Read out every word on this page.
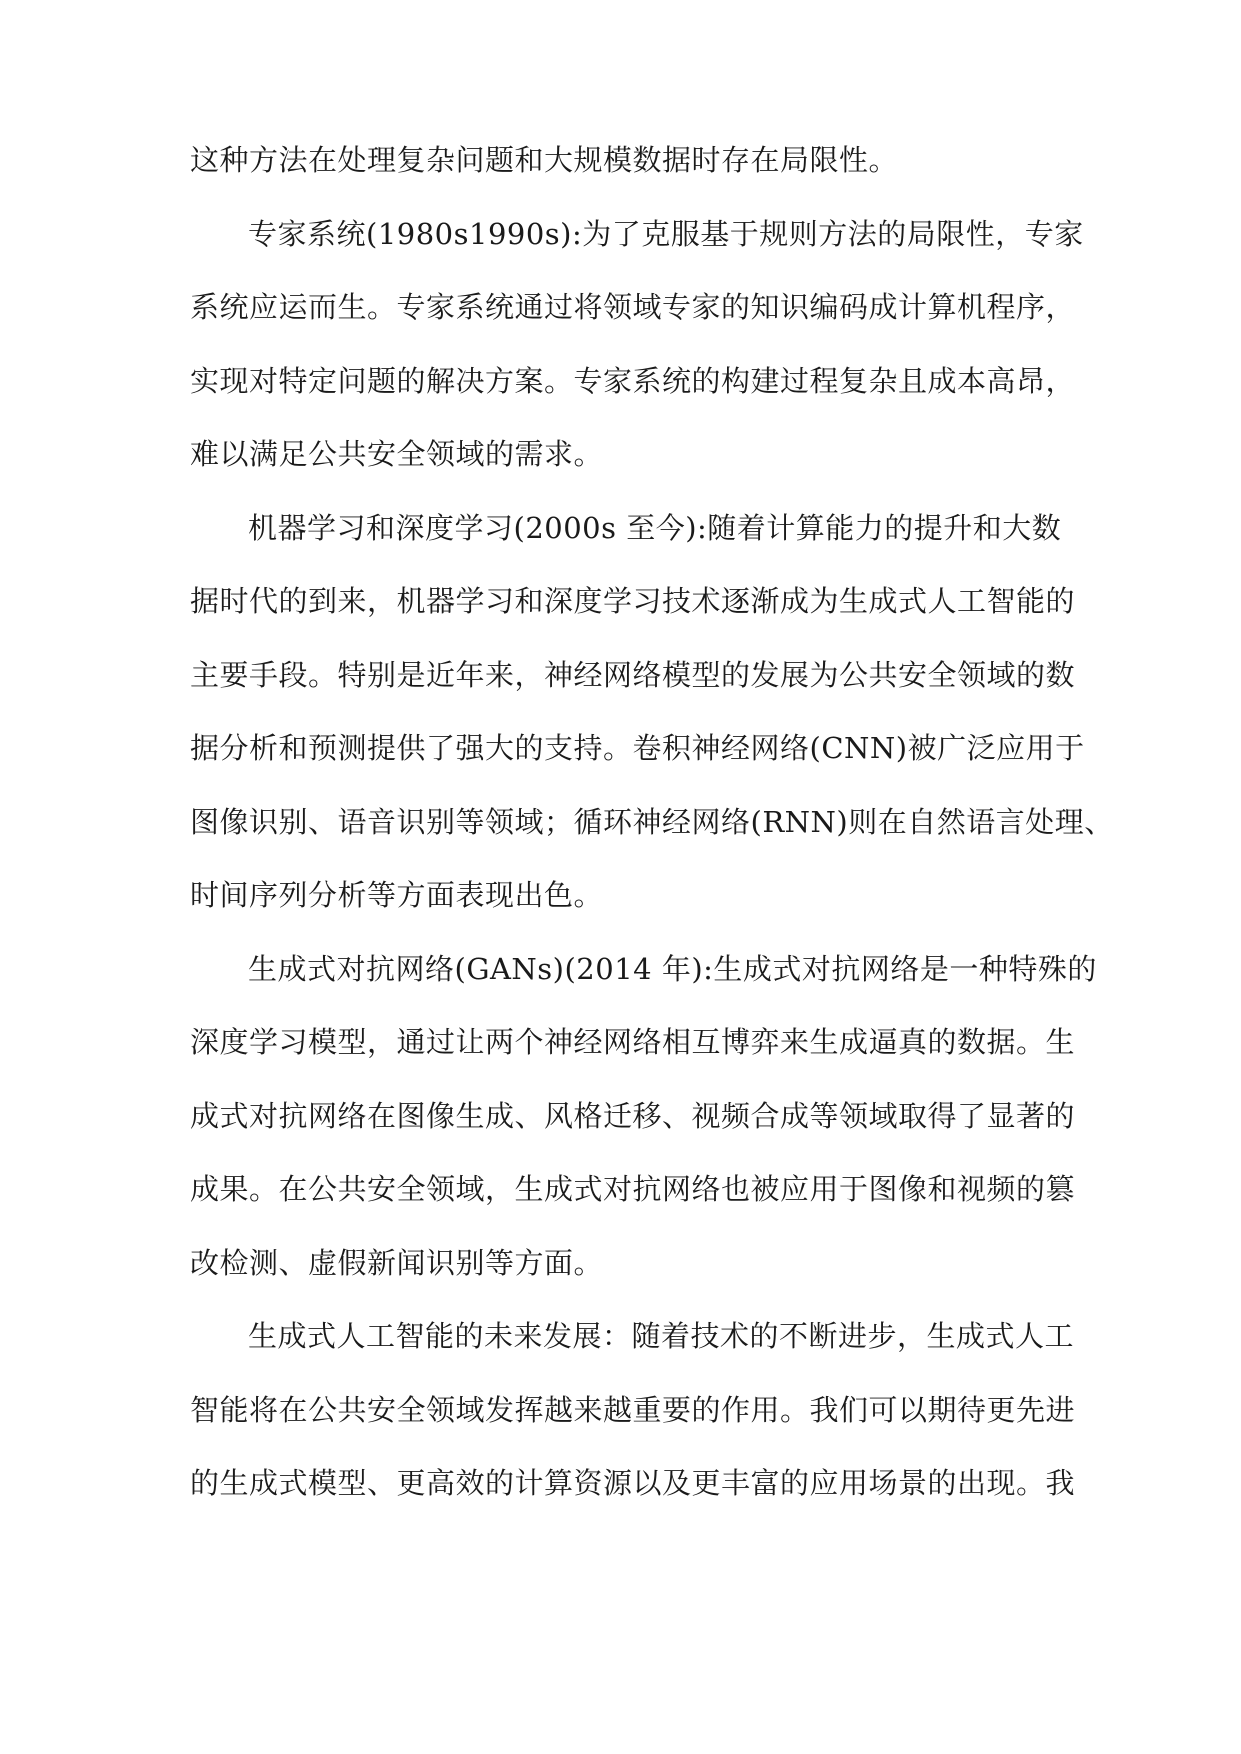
这种方法在处理复杂问题和大规模数据时存在局限性。
专家系统(1980s1990s):为了克服基于规则方法的局限性，专家
系统应运而生。专家系统通过将领域专家的知识编码成计算机程序，
实现对特定问题的解决方案。专家系统的构建过程复杂且成本高昂，
难以满足公共安全领域的需求。
机器学习和深度学习(2000s 至今):随着计算能力的提升和大数
据时代的到来，机器学习和深度学习技术逐渐成为生成式人工智能的
主要手段。特别是近年来，神经网络模型的发展为公共安全领域的数
据分析和预测提供了强大的支持。卷积神经网络(CNN)被广泛应用于
图像识别、语音识别等领域；循环神经网络(RNN)则在自然语言处理、
时间序列分析等方面表现出色。
生成式对抗网络(GANs)(2014 年):生成式对抗网络是一种特殊的
深度学习模型，通过让两个神经网络相互博弈来生成逼真的数据。生
成式对抗网络在图像生成、风格迁移、视频合成等领域取得了显著的
成果。在公共安全领域，生成式对抗网络也被应用于图像和视频的篡
改检测、虚假新闻识别等方面。
生成式人工智能的未来发展：随着技术的不断进步，生成式人工
智能将在公共安全领域发挥越来越重要的作用。我们可以期待更先进
的生成式模型、更高效的计算资源以及更丰富的应用场景的出现。我
